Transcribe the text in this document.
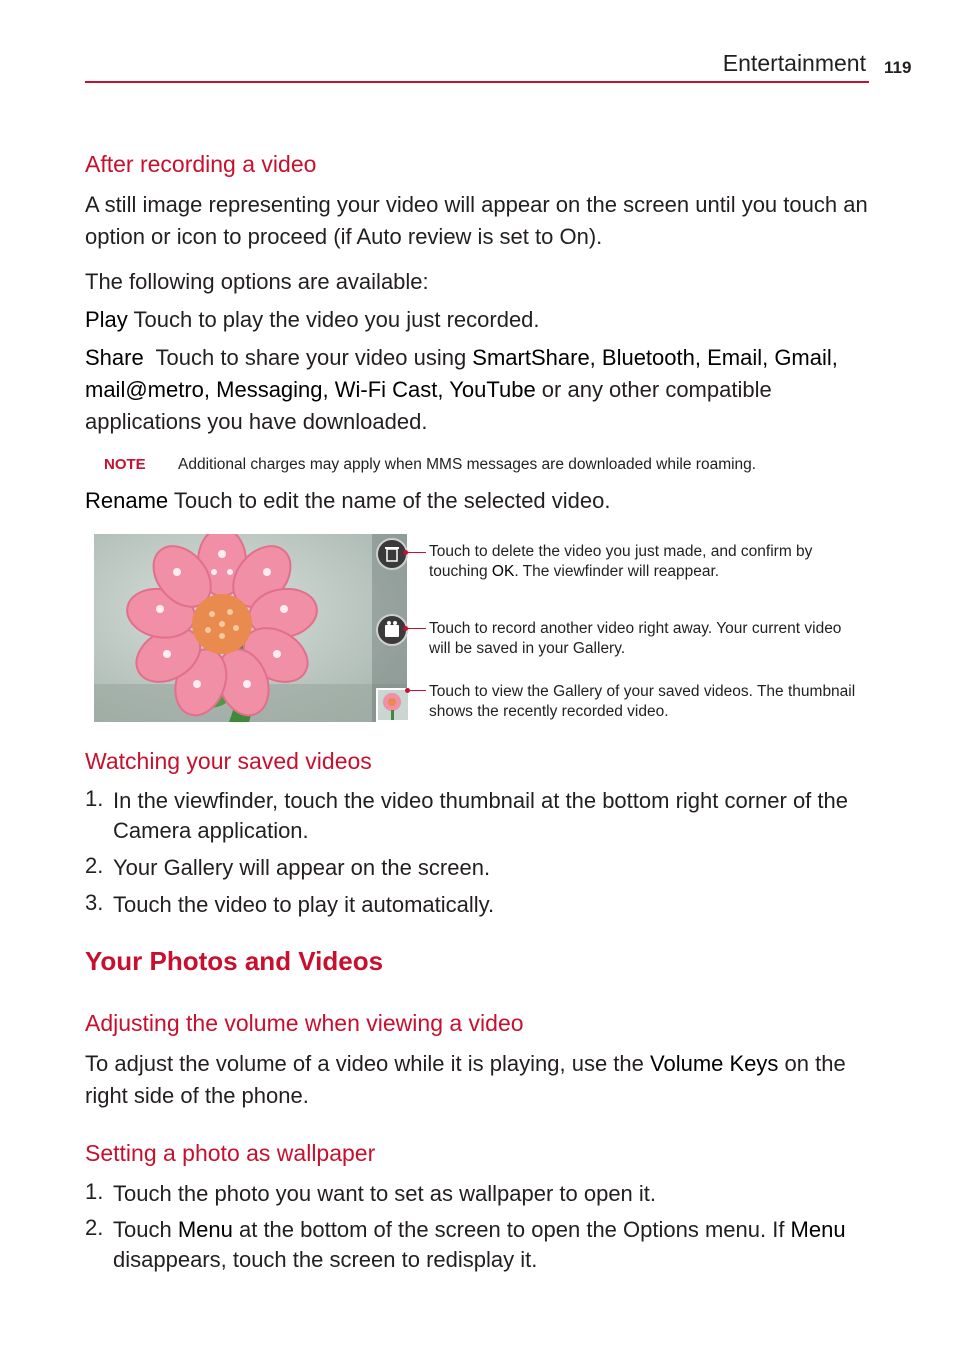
Entertainment 119
After recording a video
A still image representing your video will appear on the screen until you touch an option or icon to proceed (if Auto review is set to On).
The following options are available:
Play Touch to play the video you just recorded.
Share  Touch to share your video using SmartShare, Bluetooth, Email, Gmail, mail@metro, Messaging, Wi-Fi Cast, YouTube or any other compatible applications you have downloaded.
NOTE Additional charges may apply when MMS messages are downloaded while roaming.
Rename Touch to edit the name of the selected video.
Touch to delete the video you just made, and confirm by touching OK. The viewfinder will reappear.
Touch to record another video right away. Your current video will be saved in your Gallery.
Touch to view the Gallery of your saved videos. The thumbnail shows the recently recorded video.
Watching your saved videos
1. In the viewfinder, touch the video thumbnail at the bottom right corner of the Camera application.
2. Your Gallery will appear on the screen.
3. Touch the video to play it automatically.
Your Photos and Videos
Adjusting the volume when viewing a video
To adjust the volume of a video while it is playing, use the Volume Keys on the right side of the phone.
Setting a photo as wallpaper
1. Touch the photo you want to set as wallpaper to open it.
2. Touch Menu at the bottom of the screen to open the Options menu. If Menu disappears, touch the screen to redisplay it.
